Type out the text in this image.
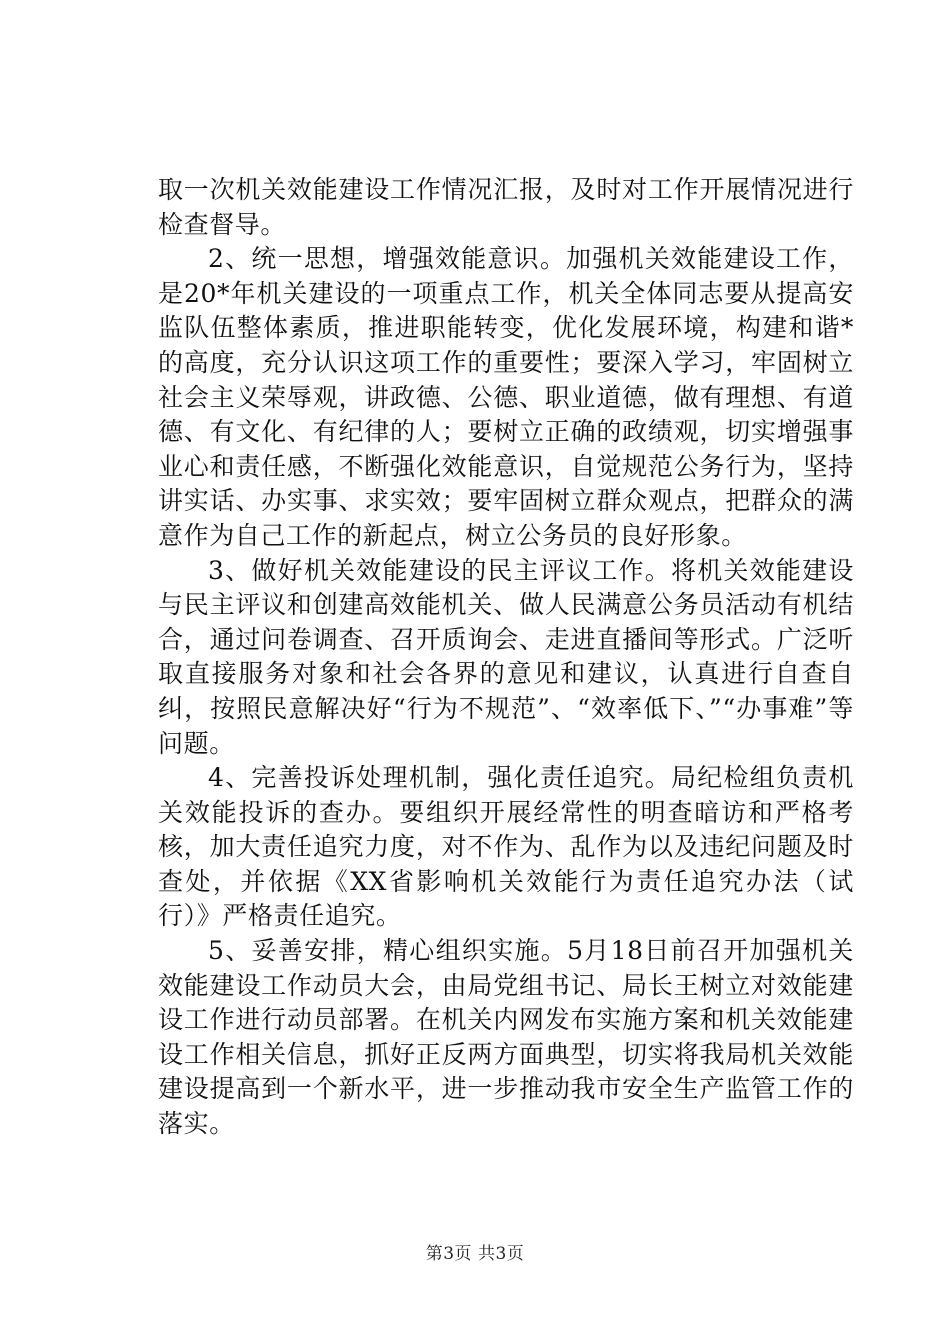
取一次机关效能建设工作情况汇报，及时对工作开展情况进行检查督导。

2、统一思想，增强效能意识。加强机关效能建设工作，是20*年机关建设的一项重点工作，机关全体同志要从提高安监队伍整体素质，推进职能转变，优化发展环境，构建和谐*的高度，充分认识这项工作的重要性；要深入学习，牢固树立社会主义荣辱观，讲政德、公德、职业道德，做有理想、有道德、有文化、有纪律的人；要树立正确的政绩观，切实增强事业心和责任感，不断强化效能意识，自觉规范公务行为，坚持讲实话、办实事、求实效；要牢固树立群众观点，把群众的满意作为自己工作的新起点，树立公务员的良好形象。

3、做好机关效能建设的民主评议工作。将机关效能建设与民主评议和创建高效能机关、做人民满意公务员活动有机结合，通过问卷调查、召开质询会、走进直播间等形式。广泛听取直接服务对象和社会各界的意见和建议，认真进行自查自纠，按照民意解决好“行为不规范”、“效率低下、”“办事难”等问题。

4、完善投诉处理机制，强化责任追究。局纪检组负责机关效能投诉的查办。要组织开展经常性的明查暗访和严格考核，加大责任追究力度，对不作为、乱作为以及违纪问题及时查处，并依据《XX省影响机关效能行为责任追究办法（试行）》严格责任追究。

5、妥善安排，精心组织实施。5月18日前召开加强机关效能建设工作动员大会，由局党组书记、局长王树立对效能建设工作进行动员部署。在机关内网发布实施方案和机关效能建设工作相关信息，抓好正反两方面典型，切实将我局机关效能建设提高到一个新水平，进一步推动我市安全生产监管工作的落实。

第3页 共3页
